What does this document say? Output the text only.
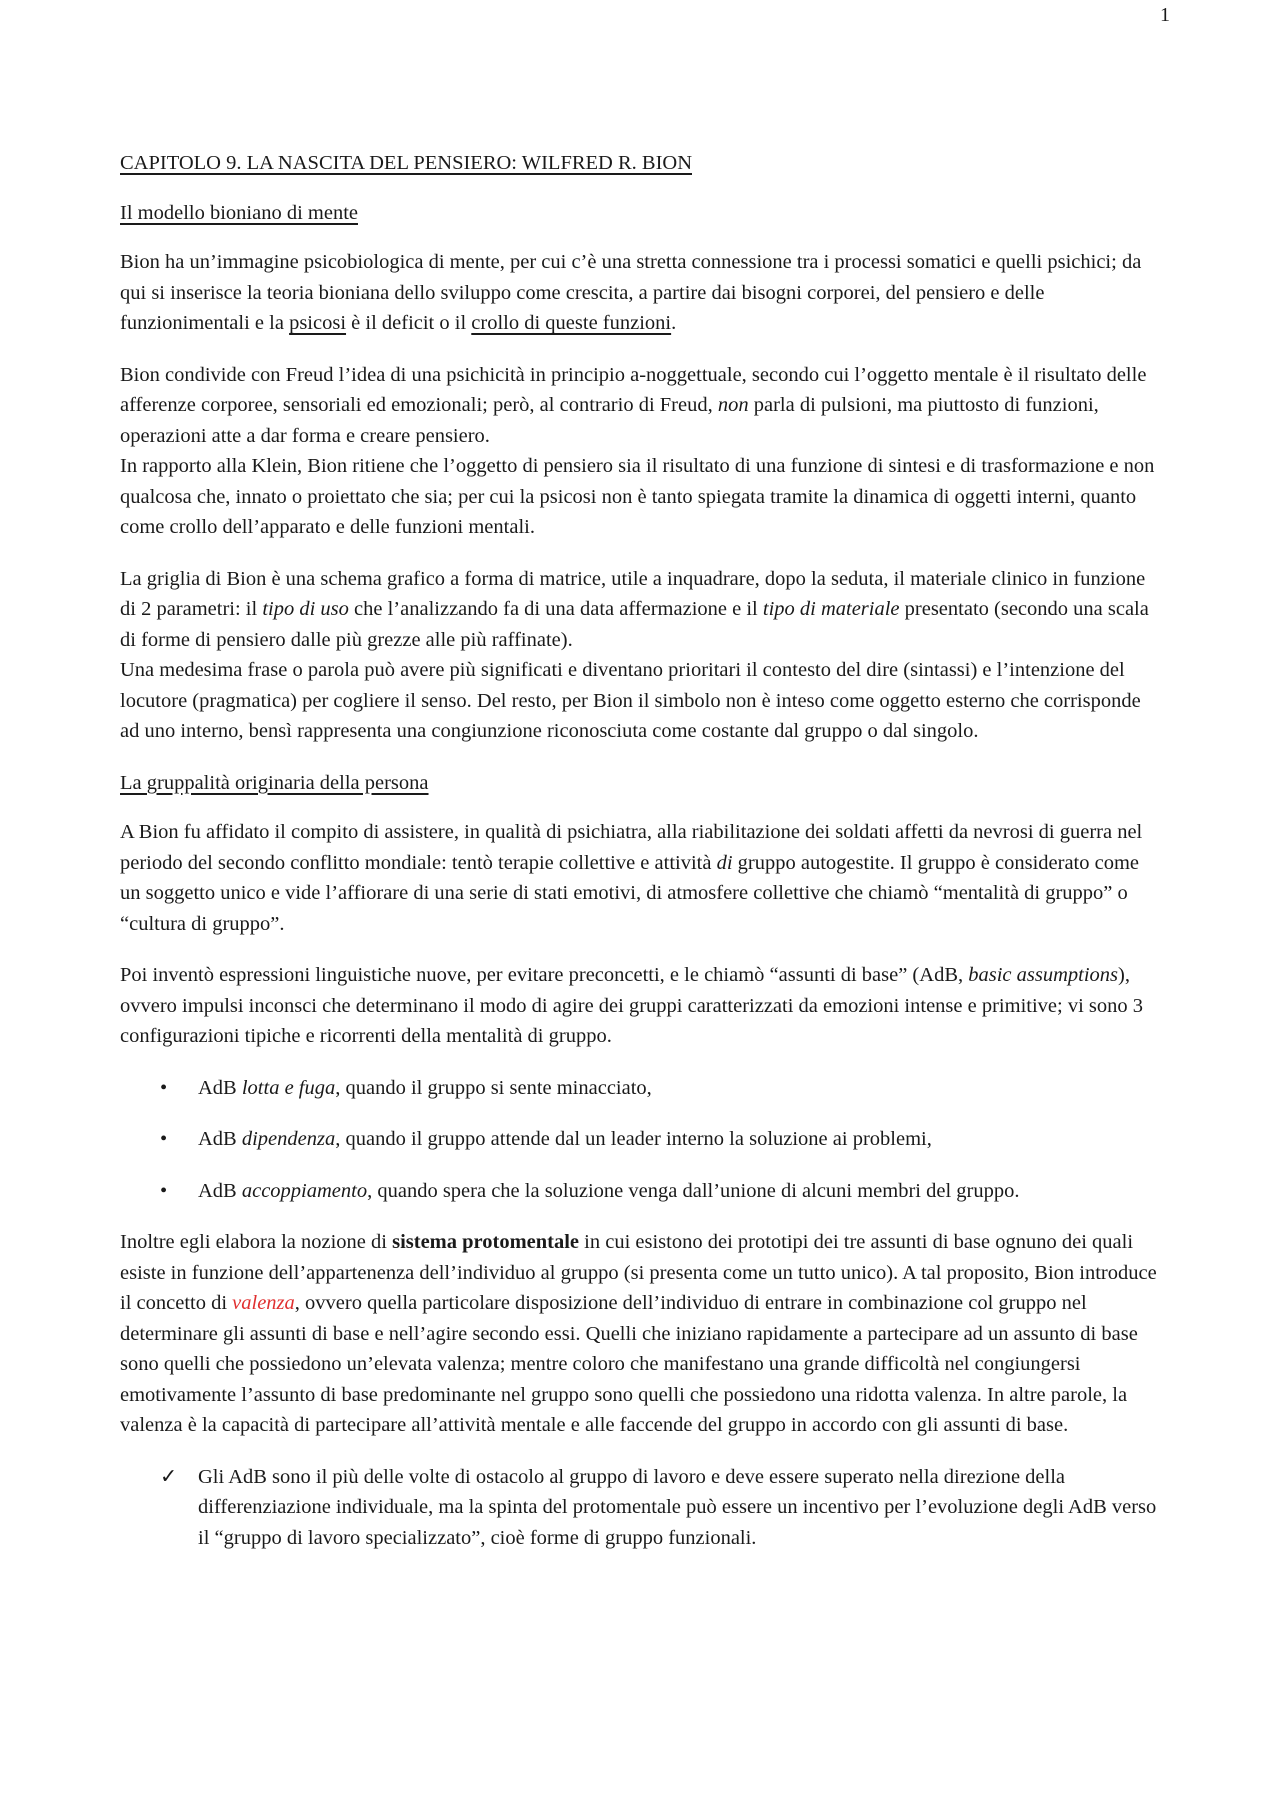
1
CAPITOLO 9. LA NASCITA DEL PENSIERO: WILFRED R. BION
Il modello bioniano di mente

Bion ha un’immagine psicobiologica di mente, per cui c’è una stretta connessione tra i processi somatici e quelli psichici; da qui si inserisce la teoria bioniana dello sviluppo come crescita, a partire dai bisogni corporei, del pensiero e delle funzionimentali e la psicosi è il deficit o il crollo di queste funzioni.

Bion condivide con Freud l’idea di una psichicità in principio a-noggettuale, secondo cui l’oggetto mentale è il risultato delle afferenze corporee, sensoriali ed emozionali; però, al contrario di Freud, non parla di pulsioni, ma piuttosto di funzioni, operazioni atte a dar forma e creare pensiero.

In rapporto alla Klein, Bion ritiene che l’oggetto di pensiero sia il risultato di una funzione di sintesi e di trasformazione e non qualcosa che, innato o proiettato che sia; per cui la psicosi non è tanto spiegata tramite la dinamica di oggetti interni, quanto come crollo dell’apparato e delle funzioni mentali.

La griglia di Bion è una schema grafico a forma di matrice, utile a inquadrare, dopo la seduta, il materiale clinico in funzione di 2 parametri: il tipo di uso che l’analizzando fa di una data affermazione e il tipo di materiale presentato (secondo una scala di forme di pensiero dalle più grezze alle più raffinate).

Una medesima frase o parola può avere più significati e diventano prioritari il contesto del dire (sintassi) e l’intenzione del locutore (pragmatica) per cogliere il senso. Del resto, per Bion il simbolo non è inteso come oggetto esterno che corrisponde ad uno interno, bensì rappresenta una congiunzione riconosciuta come costante dal gruppo o dal singolo.

La gruppalità originaria della persona

A Bion fu affidato il compito di assistere, in qualità di psichiatra, alla riabilitazione dei soldati affetti da nevrosi di guerra nel periodo del secondo conflitto mondiale: tentò terapie collettive e attività di gruppo autogestite. Il gruppo è considerato come un soggetto unico e vide l’affiorare di una serie di stati emotivi, di atmosfere collettive che chiamò “mentalità di gruppo” o “cultura di gruppo”.

Poi inventò espressioni linguistiche nuove, per evitare preconcetti, e le chiamò “assunti di base” (AdB, basic assumptions), ovvero impulsi inconsci che determinano il modo di agire dei gruppi caratterizzati da emozioni intense e primitive; vi sono 3 configurazioni tipiche e ricorrenti della mentalità di gruppo.

• AdB lotta e fuga, quando il gruppo si sente minacciato,
• AdB dipendenza, quando il gruppo attende dal un leader interno la soluzione ai problemi,
• AdB accoppiamento, quando spera che la soluzione venga dall’unione di alcuni membri del gruppo.

Inoltre egli elabora la nozione di sistema protomentale in cui esistono dei prototipi dei tre assunti di base ognuno dei quali esiste in funzione dell’appartenenza dell’individuo al gruppo (si presenta come un tutto unico). A tal proposito, Bion introduce il concetto di valenza, ovvero quella particolare disposizione dell’individuo di entrare in combinazione col gruppo nel determinare gli assunti di base e nell’agire secondo essi. Quelli che iniziano rapidamente a partecipare ad un assunto di base sono quelli che possiedono un’elevata valenza; mentre coloro che manifestano una grande difficoltà nel congiungersi emotivamente l’assunto di base predominante nel gruppo sono quelli che possiedono una ridotta valenza. In altre parole, la valenza è la capacità di partecipare all’attività mentale e alle faccende del gruppo in accordo con gli assunti di base.

✓ Gli AdB sono il più delle volte di ostacolo al gruppo di lavoro e deve essere superato nella direzione della differenziazione individuale, ma la spinta del protomentale può essere un incentivo per l’evoluzione degli AdB verso il “gruppo di lavoro specializzato”, cioè forme di gruppo funzionali.
